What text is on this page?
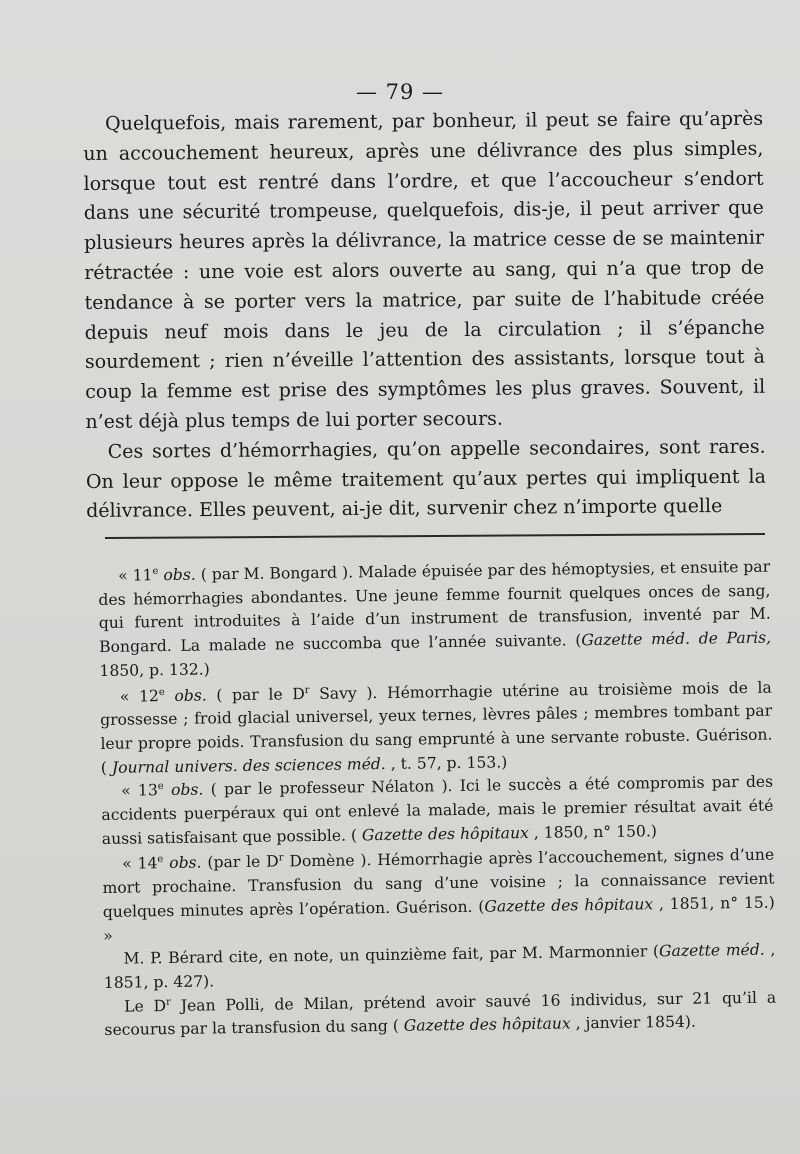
— 79 —

Quelquefois, mais rarement, par bonheur, il peut se faire qu’après un accouchement heureux, après une délivrance des plus simples, lorsque tout est rentré dans l’ordre, et que l’accoucheur s’endort dans une sécurité trompeuse, quelquefois, dis-je, il peut arriver que plusieurs heures après la délivrance, la matrice cesse de se maintenir rétractée : une voie est alors ouverte au sang, qui n’a que trop de tendance à se porter vers la matrice, par suite de l’habitude créée depuis neuf mois dans le jeu de la circulation ; il s’épanche sourdement ; rien n’éveille l’attention des assistants, lorsque tout à coup la femme est prise des symptômes les plus graves. Souvent, il n’est déjà plus temps de lui porter secours.

Ces sortes d’hémorrhagies, qu’on appelle secondaires, sont rares. On leur oppose le même traitement qu’aux pertes qui impliquent la délivrance. Elles peuvent, ai-je dit, survenir chez n’importe quelle

« 11e obs. ( par M. Bongard ). Malade épuisée par des hémoptysies, et ensuite par des hémorrhagies abondantes. Une jeune femme fournit quelques onces de sang, qui furent introduites à l’aide d’un instrument de transfusion, inventé par M. Bongard. La malade ne succomba que l’année suivante. (Gazette méd. de Paris, 1850, p. 132.)

« 12e obs. ( par le $D^r$ Savy ). Hémorrhagie utérine au troisième mois de la grossesse ; froid glacial universel, yeux ternes, lèvres pâles ; membres tombant par leur propre poids. Transfusion du sang emprunté à une servante robuste. Guérison. ( Journal univers. des sciences méd. , t. 57, p. 153.)

« 13e obs. ( par le professeur Nélaton ). Ici le succès a été compromis par des accidents puerpéraux qui ont enlevé la malade, mais le premier résultat avait été aussi satisfaisant que possible. ( Gazette des hôpitaux , 1850, n° 150.)

« 14e obs. (par le $D^r$ Domène ). Hémorrhagie après l’accouchement, signes d’une mort prochaine. Transfusion du sang d’une voisine ; la connaissance revient quelques minutes après l’opération. Guérison. (Gazette des hôpitaux , 1851, n° 15.) »

M. P. Bérard cite, en note, un quinzième fait, par M. Marmonnier (Gazette méd. , 1851, p. 427).

Le $D^r$ Jean Polli, de Milan, prétend avoir sauvé 16 individus, sur 21 qu’il a secourus par la transfusion du sang ( Gazette des hôpitaux , janvier 1854).
